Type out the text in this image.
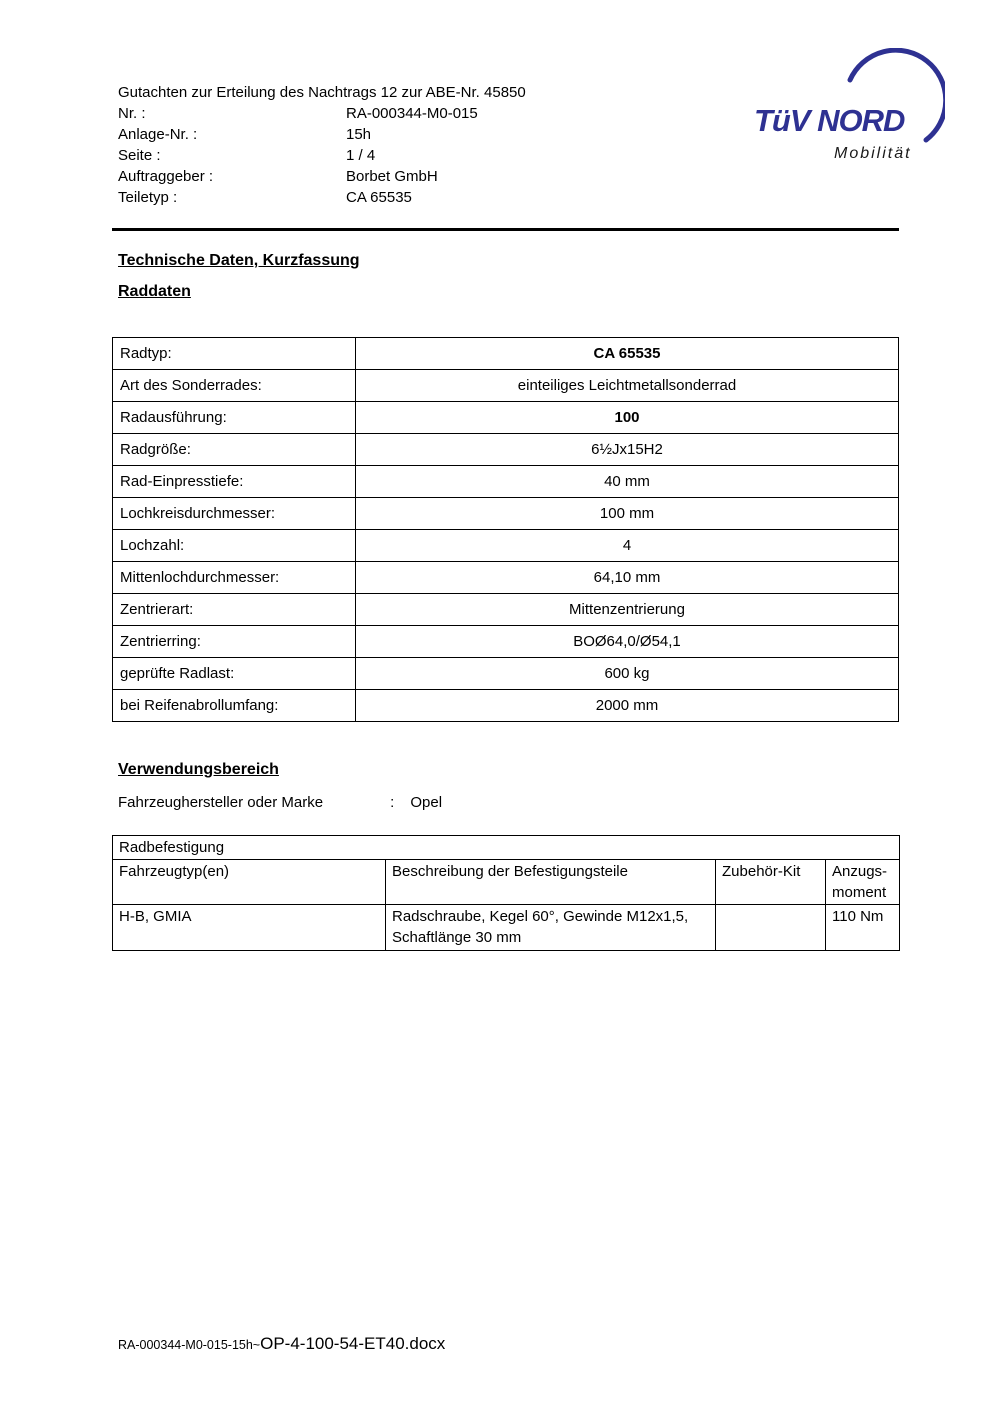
Gutachten zur Erteilung des Nachtrags 12 zur ABE-Nr. 45850
Nr. :	RA-000344-M0-015
Anlage-Nr. :	15h
Seite :	1 / 4
Auftraggeber :	Borbet GmbH
Teiletyp :	CA 65535
TüV NORD
Mobilität
Technische Daten, Kurzfassung
Raddaten
Radtyp:	CA 65535
Art des Sonderrades:	einteiliges Leichtmetallsonderrad
Radausführung:	100
Radgröße:	6½Jx15H2
Rad-Einpresstiefe:	40 mm
Lochkreisdurchmesser:	100 mm
Lochzahl:	4
Mittenlochdurchmesser:	64,10 mm
Zentrierart:	Mittenzentrierung
Zentrierring:	BOØ64,0/Ø54,1
geprüfte Radlast:	600 kg
bei Reifenabrollumfang:	2000 mm
Verwendungsbereich
Fahrzeughersteller oder Marke	: Opel
Radbefestigung			
Fahrzeugtyp(en)	Beschreibung der Befestigungsteile	Zubehör-Kit	Anzugs-moment
H-B, GMIA	Radschraube, Kegel 60°, Gewinde M12x1,5, Schaftlänge 30 mm		110 Nm
RA-000344-M0-015-15h~OP-4-100-54-ET40.docx
